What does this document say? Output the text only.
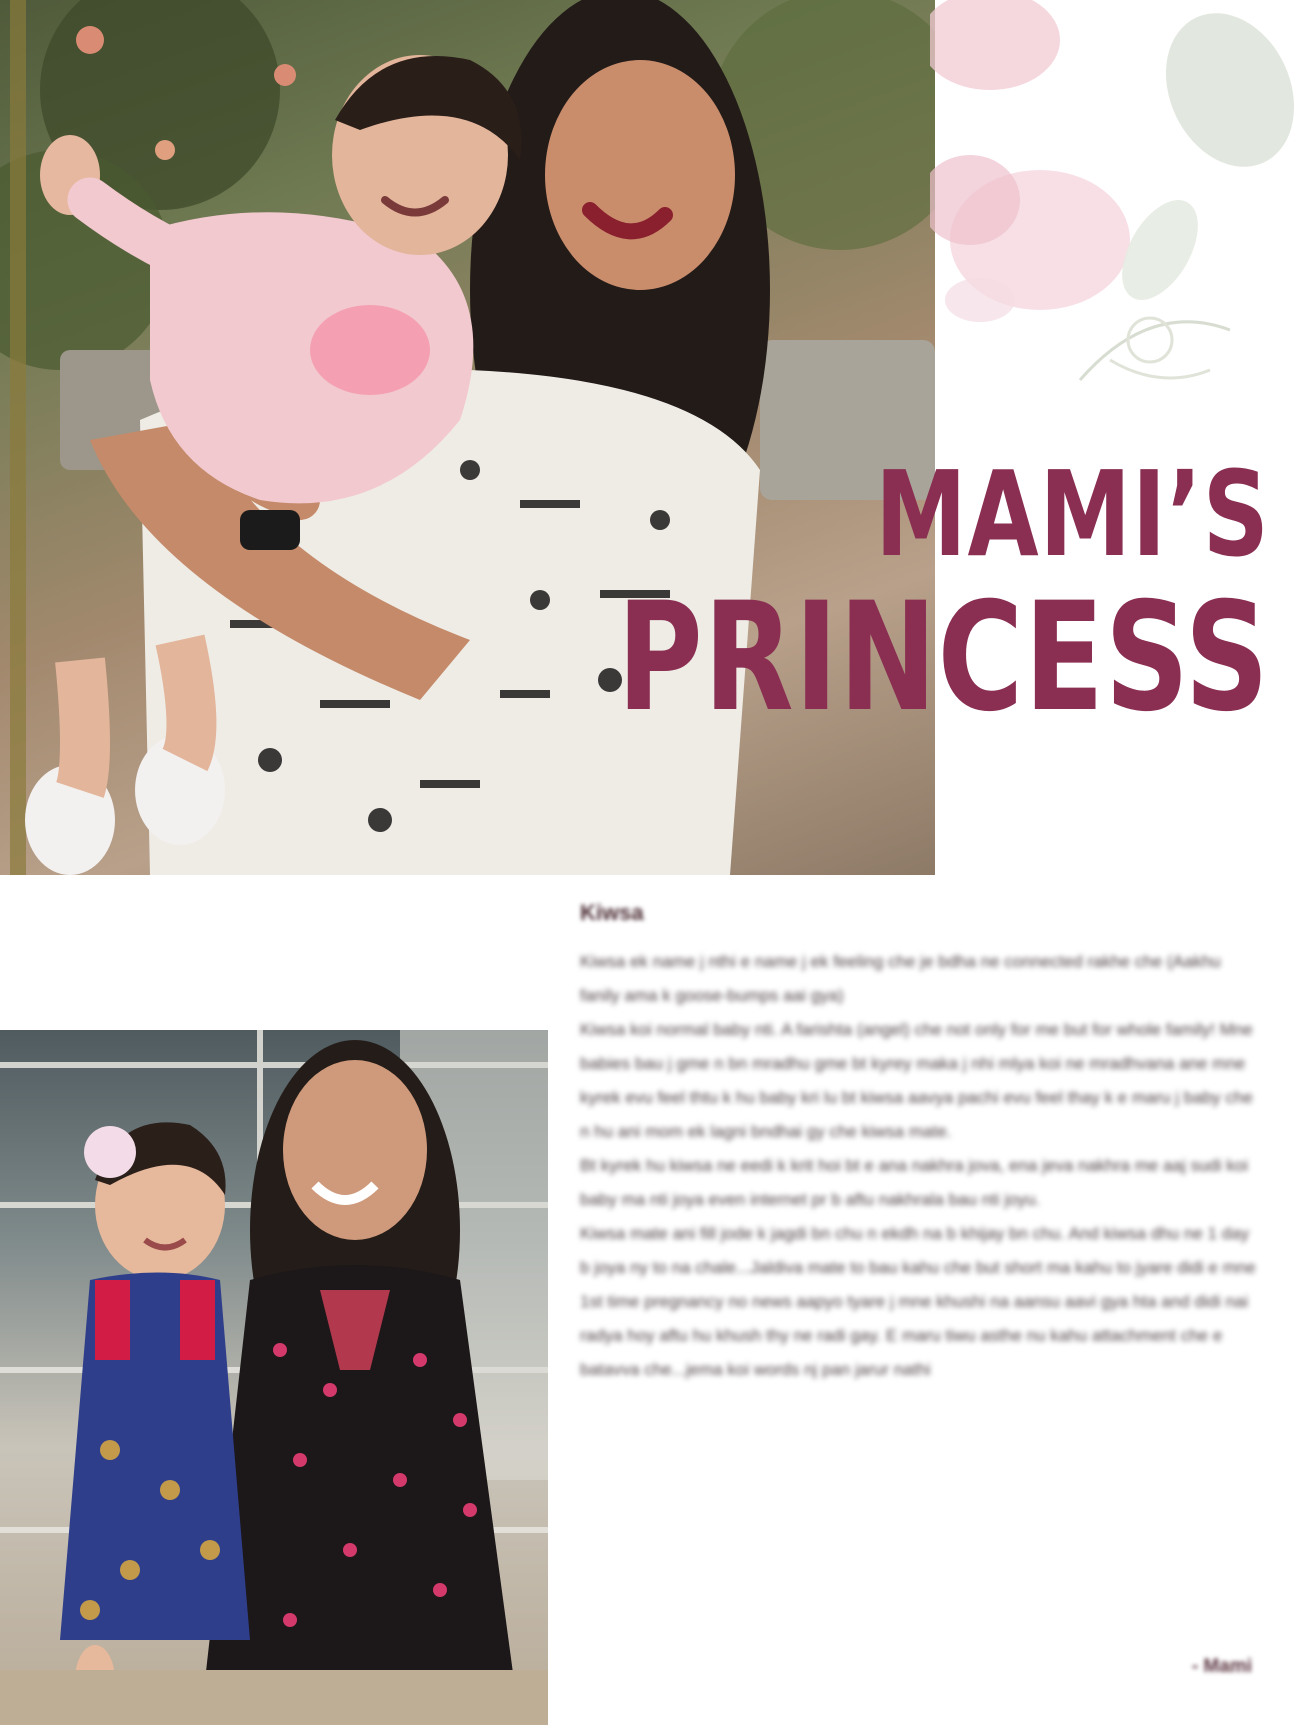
MAMI’S
PRINCESS
Kiwsa

Kiwsa ek name j nthi e name j ek feeling che je bdha ne connected rakhe che (Aakhu fanily ama k goose-bumps aai gya)

Kiwsa koi normal baby nti. A farishta (angel) che not only for me but for whole family! Mne babies bau j gme n bn mradhu gme bt kyrey maka j nhi mlya koi ne mradhvana ane mne kyrek evu feel thtu k hu baby kri lu bt kiwsa aavya pachi evu feel thay k e maru j baby che n hu ani mom ek lagni bndhai gy che kiwsa mate.

Bt kyrek hu kiwsa ne eedi k krit hoi bt e ana nakhra jova, ena jeva nakhra me aaj sudi koi baby ma nti joya even internet pr b aftu nakhrala bau nti joyu.

Kiwsa mate ani fill jode k jagdi bn chu n ekdh na b khijay bn chu. And kiwsa dhu ne 1 day b joya ny to na chale...Jaldiva mate to bau kahu che but short ma kahu to jyare didi e mne 1st time pregnancy no news aapyo tyare j mne khushi na aansu aavi gya hta and didi nai radya hoy aftu hu khush thy ne radi gay. E maru tiwu asthe nu kahu attachment che e batavva che...jema koi words nj pan jarur nathi

- Mami
